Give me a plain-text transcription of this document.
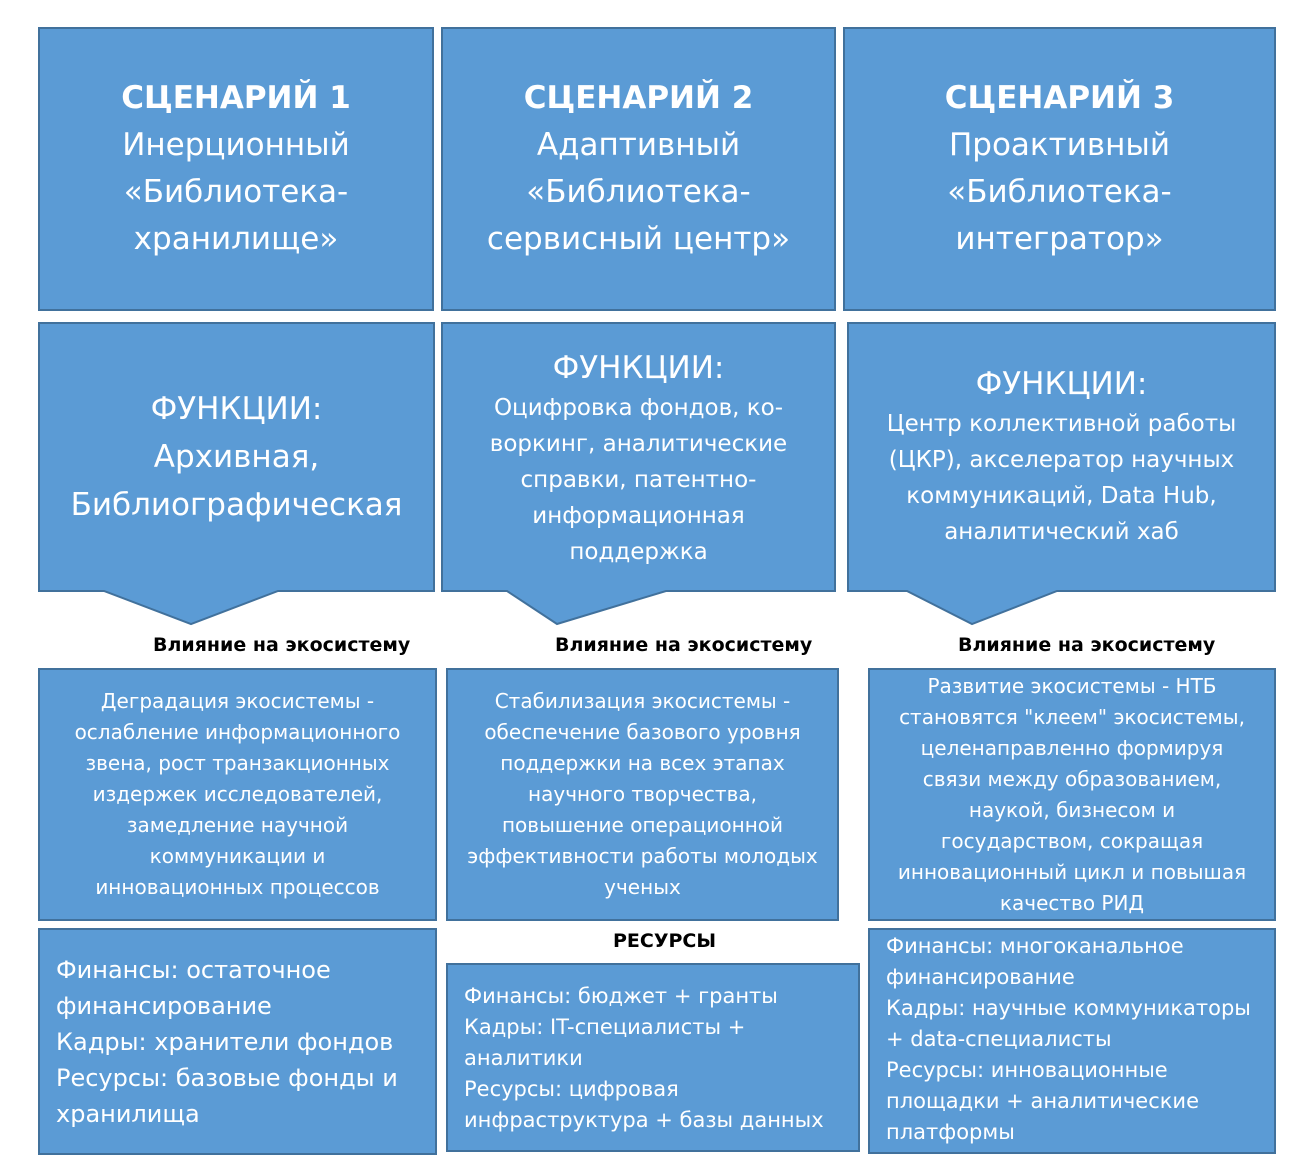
СЦЕНАРИЙ 1
Инерционный
«Библиотека-
хранилище»
СЦЕНАРИЙ 2
Адаптивный
«Библиотека-
сервисный центр»
СЦЕНАРИЙ 3
Проактивный
«Библиотека-
интегратор»
ФУНКЦИИ:
Архивная,
Библиографическая
ФУНКЦИИ:
Оцифровка фондов, ко-
воркинг, аналитические
справки, патентно-
информационная
поддержка
ФУНКЦИИ:
Центр коллективной работы
(ЦКР), акселератор научных
коммуникаций, Data Hub,
аналитический хаб
Влияние на экосистему	Влияние на экосистему	Влияние на экосистему
Деградация экосистемы -
ослабление информационного
звена, рост транзакционных
издержек исследователей,
замедление научной
коммуникации и
инновационных процессов
Стабилизация экосистемы -
обеспечение базового уровня
поддержки на всех этапах
научного творчества,
повышение операционной
эффективности работы молодых
ученых
Развитие экосистемы - НТБ
становятся "клеем" экосистемы,
целенаправленно формируя
связи между образованием,
наукой, бизнесом и
государством, сокращая
инновационный цикл и повышая
качество РИД
РЕСУРСЫ
Финансы: остаточное
финансирование
Кадры: хранители фондов
Ресурсы: базовые фонды и
хранилища
Финансы: бюджет + гранты
Кадры: IT-специалисты +
аналитики
Ресурсы: цифровая
инфраструктура + базы данных
Финансы: многоканальное
финансирование
Кадры: научные коммуникаторы
+ data-специалисты
Ресурсы: инновационные
площадки + аналитические
платформы
